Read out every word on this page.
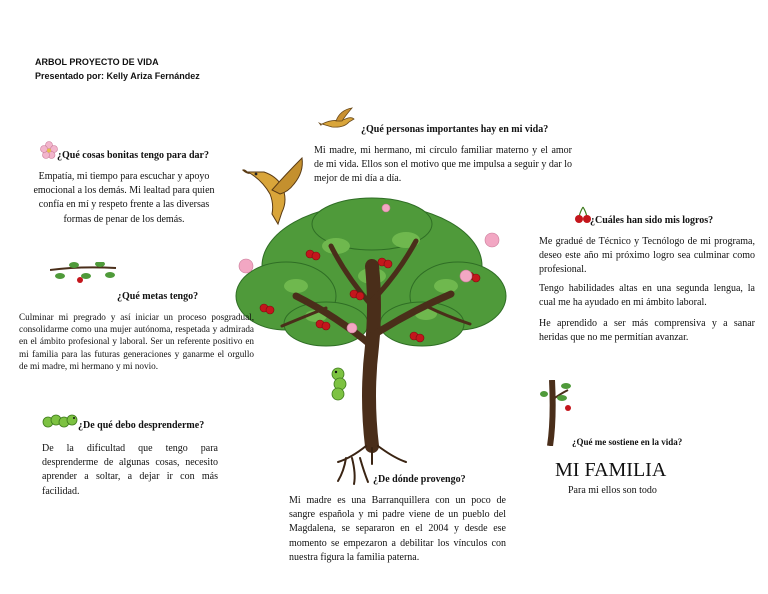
ARBOL PROYECTO DE VIDA
Presentado por: Kelly Ariza Fernández
¿Qué cosas bonitas tengo para dar?

Empatía, mi tiempo para escuchar y apoyo emocional a los demás. Mi lealtad para quien confía en mí y respeto frente a las diversas formas de penar de los demás.

¿Qué personas importantes hay en mi vida?

Mi madre, mi hermano, mi círculo familiar materno y el amor de mi vida. Ellos son el motivo que me impulsa a seguir y dar lo mejor de mi día a día.

¿Cuáles han sido mis logros?

Me gradué de Técnico y Tecnólogo de mi programa, deseo este año mi próximo logro sea culminar como profesional.

Tengo habilidades altas en una segunda lengua, la cual me ha ayudado en mi ámbito laboral.

He aprendido a ser más comprensiva y a sanar heridas que no me permitían avanzar.

¿Qué metas tengo?

Culminar mi pregrado y así iniciar un proceso posgradual, consolidarme como una mujer autónoma, respetada y admirada en el ámbito profesional y laboral. Ser un referente positivo en mi familia para las futuras generaciones y ganarme el orgullo de mi madre, mi hermano y mi novio.

¿De qué debo desprenderme?

De la dificultad que tengo para desprenderme de algunas cosas, necesito aprender a soltar, a dejar ir con más facilidad.

¿De dónde provengo?

Mi madre es una Barranquillera con un poco de sangre española y mi padre viene de un pueblo del Magdalena, se separaron en el 2004 y desde ese momento se empezaron a debilitar los vínculos con nuestra figura la familia paterna.

¿Qué me sostiene en la vida?
MI FAMILIA
Para mi ellos son todo
